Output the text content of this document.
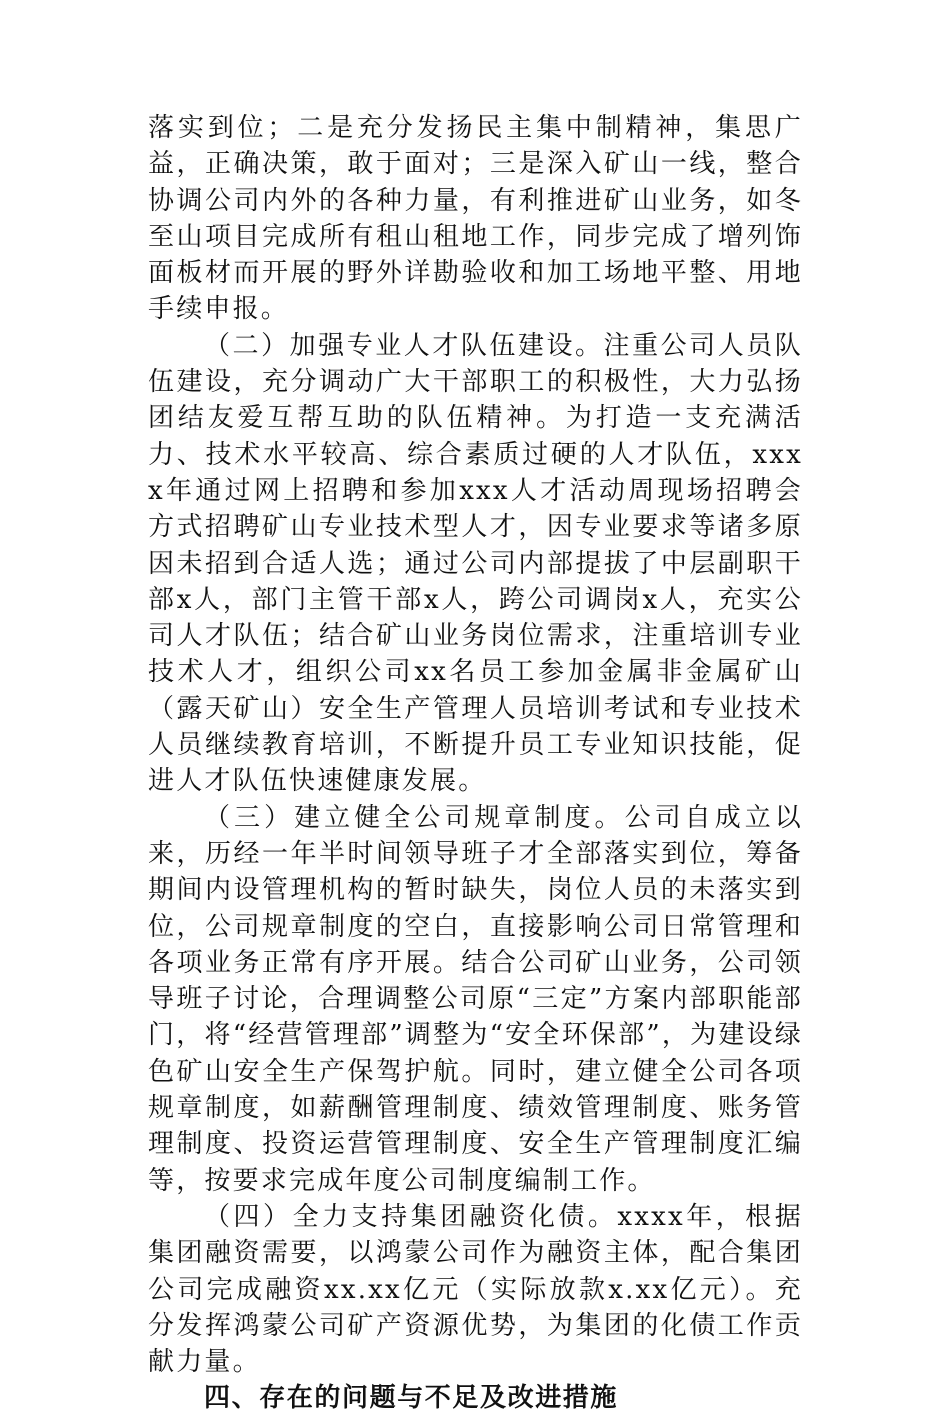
落实到位；二是充分发扬民主集中制精神，集思广益，正确决策，敢于面对；三是深入矿山一线，整合协调公司内外的各种力量，有利推进矿山业务，如冬至山项目完成所有租山租地工作，同步完成了增列饰面板材而开展的野外详勘验收和加工场地平整、用地手续申报。

（二）加强专业人才队伍建设。注重公司人员队伍建设，充分调动广大干部职工的积极性，大力弘扬团结友爱互帮互助的队伍精神。为打造一支充满活力、技术水平较高、综合素质过硬的人才队伍，xxxx年通过网上招聘和参加xxx人才活动周现场招聘会方式招聘矿山专业技术型人才，因专业要求等诸多原因未招到合适人选；通过公司内部提拔了中层副职干部x人，部门主管干部x人，跨公司调岗x人，充实公司人才队伍；结合矿山业务岗位需求，注重培训专业技术人才，组织公司xx名员工参加金属非金属矿山（露天矿山）安全生产管理人员培训考试和专业技术人员继续教育培训，不断提升员工专业知识技能，促进人才队伍快速健康发展。

（三）建立健全公司规章制度。公司自成立以来，历经一年半时间领导班子才全部落实到位，筹备期间内设管理机构的暂时缺失，岗位人员的未落实到位，公司规章制度的空白，直接影响公司日常管理和各项业务正常有序开展。结合公司矿山业务，公司领导班子讨论，合理调整公司原“三定”方案内部职能部门，将“经营管理部”调整为“安全环保部”，为建设绿色矿山安全生产保驾护航。同时，建立健全公司各项规章制度，如薪酬管理制度、绩效管理制度、账务管理制度、投资运营管理制度、安全生产管理制度汇编等，按要求完成年度公司制度编制工作。

（四）全力支持集团融资化债。xxxx年，根据集团融资需要，以鸿蒙公司作为融资主体，配合集团公司完成融资xx.xx亿元（实际放款x.xx亿元）。充分发挥鸿蒙公司矿产资源优势，为集团的化债工作贡献力量。

四、存在的问题与不足及改进措施
